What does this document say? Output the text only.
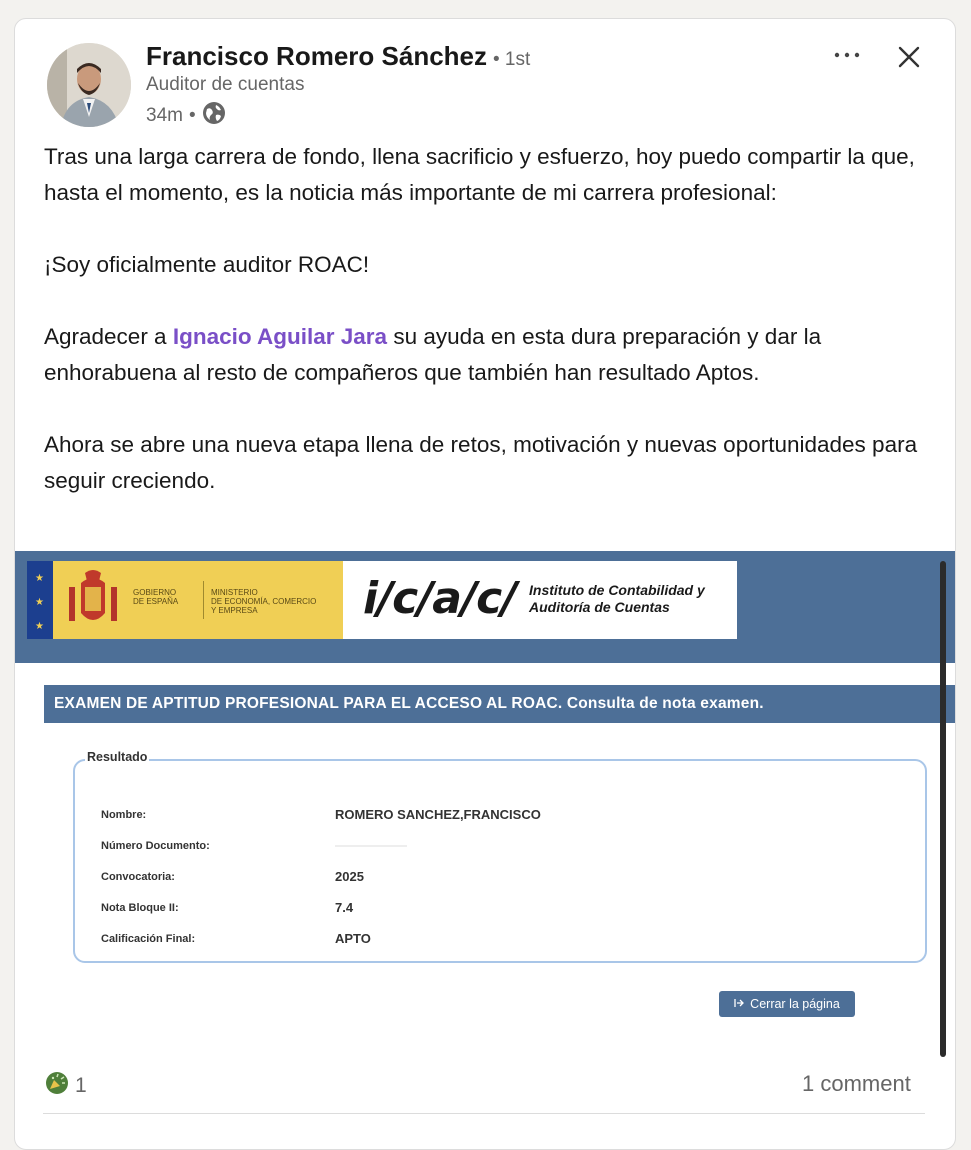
Francisco Romero Sánchez • 1st
Auditor de cuentas
34m •

Tras una larga carrera de fondo, llena sacrificio y esfuerzo, hoy puedo compartir la que, hasta el momento, es la noticia más importante de mi carrera profesional:

¡Soy oficialmente auditor ROAC!

Agradecer a Ignacio Aguilar Jara su ayuda en esta dura preparación y dar la enhorabuena al resto de compañeros que también han resultado Aptos.

Ahora se abre una nueva etapa llena de retos, motivación y nuevas oportunidades para seguir creciendo.

★
★
★
GOBIERNO
DE ESPAÑA
MINISTERIO
DE ECONOMÍA, COMERCIO
Y EMPRESA i/c/a/c/ Instituto de Contabilidad y
Auditoría de Cuentas
EXAMEN DE APTITUD PROFESIONAL PARA EL ACCESO AL ROAC. Consulta de nota examen.
Resultado
Nombre:	ROMERO SANCHEZ,FRANCISCO
Número Documento:
Convocatoria:	2025
Nota Bloque II:	7.4
Calificación Final:	APTO
Cerrar la página
1	1 comment
